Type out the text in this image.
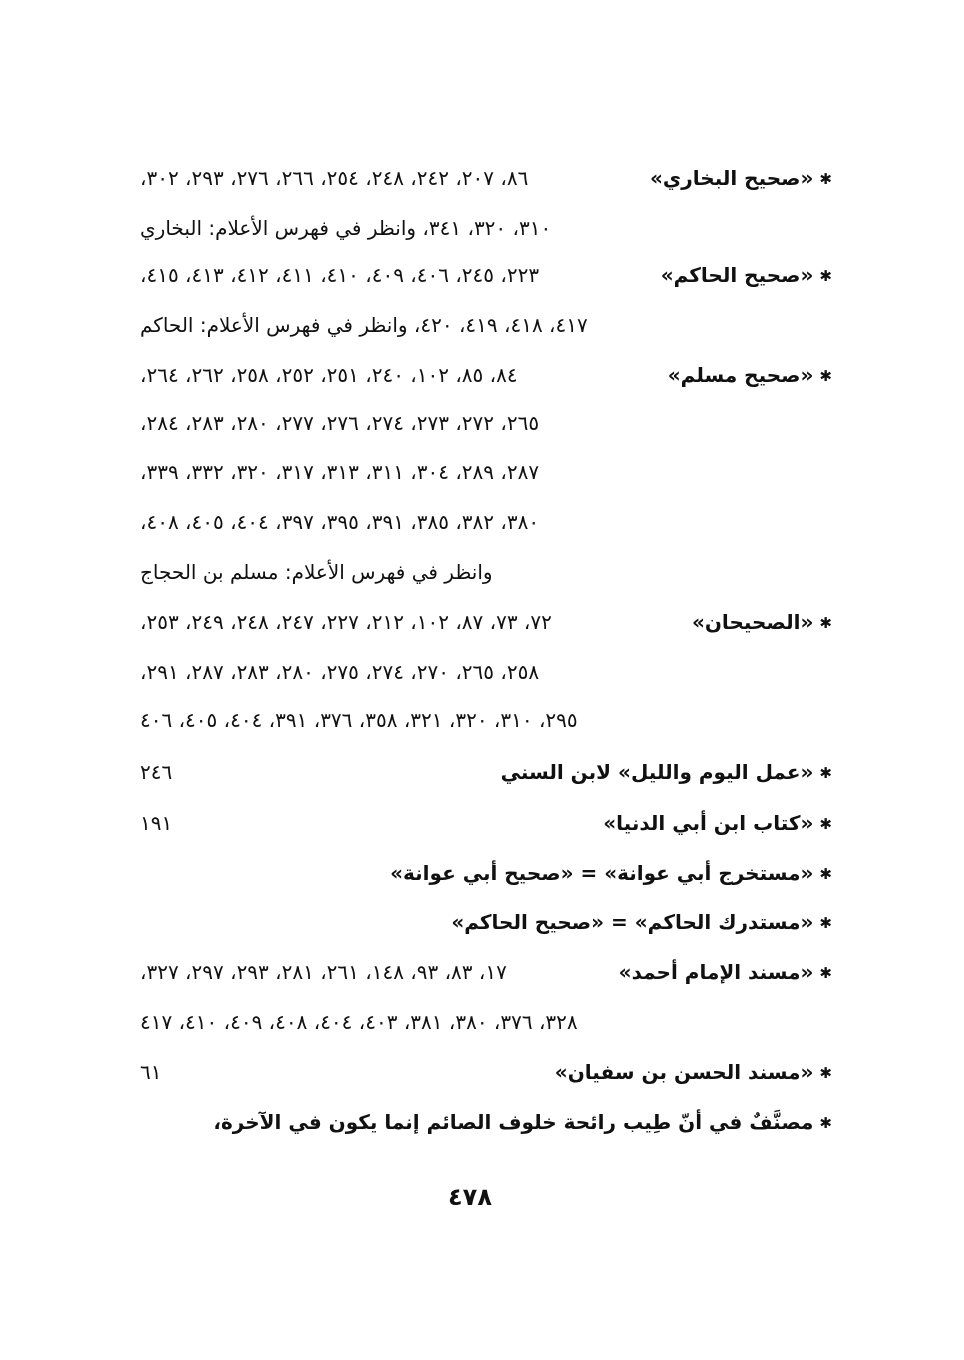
✱«صحيح البخاري»
٨٦، ٢٠٧، ٢٤٢، ٢٤٨، ٢٥٤، ٢٦٦، ٢٧٦، ٢٩٣، ٣٠٢،
٣١٠، ٣٢٠، ٣٤١، وانظر في فهرس الأعلام: البخاري
✱«صحيح الحاكم»
٢٢٣، ٢٤٥، ٤٠٦، ٤٠٩، ٤١٠، ٤١١، ٤١٢، ٤١٣، ٤١٥،
٤١٧، ٤١٨، ٤١٩، ٤٢٠، وانظر في فهرس الأعلام: الحاكم
✱«صحيح مسلم»
٨٤، ٨٥، ١٠٢، ٢٤٠، ٢٥١، ٢٥٢، ٢٥٨، ٢٦٢، ٢٦٤،
٢٦٥، ٢٧٢، ٢٧٣، ٢٧٤، ٢٧٦، ٢٧٧، ٢٨٠، ٢٨٣، ٢٨٤،
٢٨٧، ٢٨٩، ٣٠٤، ٣١١، ٣١٣، ٣١٧، ٣٢٠، ٣٣٢، ٣٣٩،
٣٨٠، ٣٨٢، ٣٨٥، ٣٩١، ٣٩٥، ٣٩٧، ٤٠٤، ٤٠٥، ٤٠٨،
وانظر في فهرس الأعلام: مسلم بن الحجاج
✱«الصحيحان»
٧٢، ٧٣، ٨٧، ١٠٢، ٢١٢، ٢٢٧، ٢٤٧، ٢٤٨، ٢٤٩، ٢٥٣،
٢٥٨، ٢٦٥، ٢٧٠، ٢٧٤، ٢٧٥، ٢٨٠، ٢٨٣، ٢٨٧، ٢٩١،
٢٩٥، ٣١٠، ٣٢٠، ٣٢١، ٣٥٨، ٣٧٦، ٣٩١، ٤٠٤، ٤٠٥، ٤٠٦
✱«عمل اليوم والليل» لابن السني
٢٤٦
✱«كتاب ابن أبي الدنيا»
١٩١
✱«مستخرج أبي عوانة» = «صحيح أبي عوانة»
✱«مستدرك الحاكم» = «صحيح الحاكم»
✱«مسند الإمام أحمد»
١٧، ٨٣، ٩٣، ١٤٨، ٢٦١، ٢٨١، ٢٩٣، ٢٩٧، ٣٢٧،
٣٢٨، ٣٧٦، ٣٨٠، ٣٨١، ٤٠٣، ٤٠٤، ٤٠٨، ٤٠٩، ٤١٠، ٤١٧
✱«مسند الحسن بن سفيان»
٦١
✱مصنَّفٌ في أنّ طِيب رائحة خلوف الصائم إنما يكون في الآخرة،
٤٧٨
